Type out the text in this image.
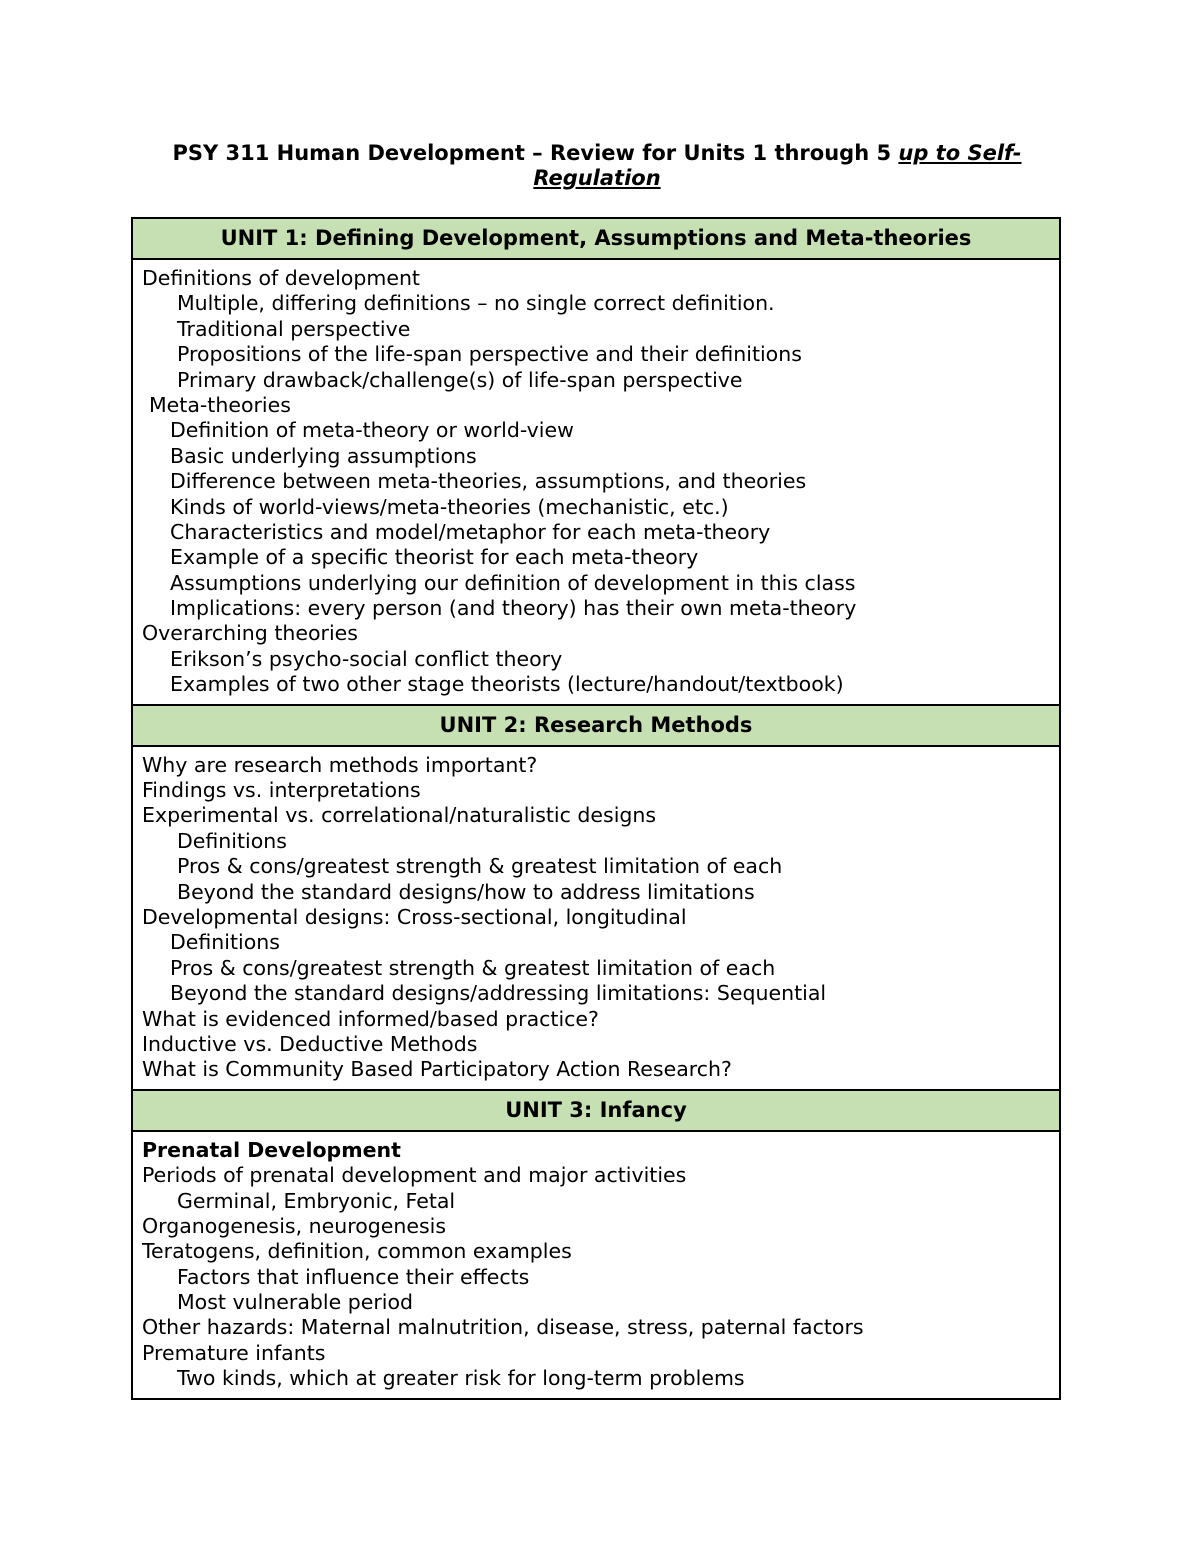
PSY 311 Human Development – Review for Units 1 through 5 up to Self-
Regulation
UNIT 1: Defining Development, Assumptions and Meta-theories
Definitions of development
Multiple, differing definitions – no single correct definition.
Traditional perspective
Propositions of the life-span perspective and their definitions
Primary drawback/challenge(s) of life-span perspective
Meta-theories
Definition of meta-theory or world-view
Basic underlying assumptions
Difference between meta-theories, assumptions, and theories
Kinds of world-views/meta-theories (mechanistic, etc.)
Characteristics and model/metaphor for each meta-theory
Example of a specific theorist for each meta-theory
Assumptions underlying our definition of development in this class
Implications: every person (and theory) has their own meta-theory
Overarching theories
Erikson’s psycho-social conflict theory
Examples of two other stage theorists (lecture/handout/textbook)
UNIT 2: Research Methods
Why are research methods important?
Findings vs. interpretations
Experimental vs. correlational/naturalistic designs
Definitions
Pros & cons/greatest strength & greatest limitation of each
Beyond the standard designs/how to address limitations
Developmental designs: Cross-sectional, longitudinal
Definitions
Pros & cons/greatest strength & greatest limitation of each
Beyond the standard designs/addressing limitations: Sequential
What is evidenced informed/based practice?
Inductive vs. Deductive Methods
What is Community Based Participatory Action Research?
UNIT 3: Infancy
Prenatal Development
Periods of prenatal development and major activities
Germinal, Embryonic, Fetal
Organogenesis, neurogenesis
Teratogens, definition, common examples
Factors that influence their effects
Most vulnerable period
Other hazards: Maternal malnutrition, disease, stress, paternal factors
Premature infants
Two kinds, which at greater risk for long-term problems
